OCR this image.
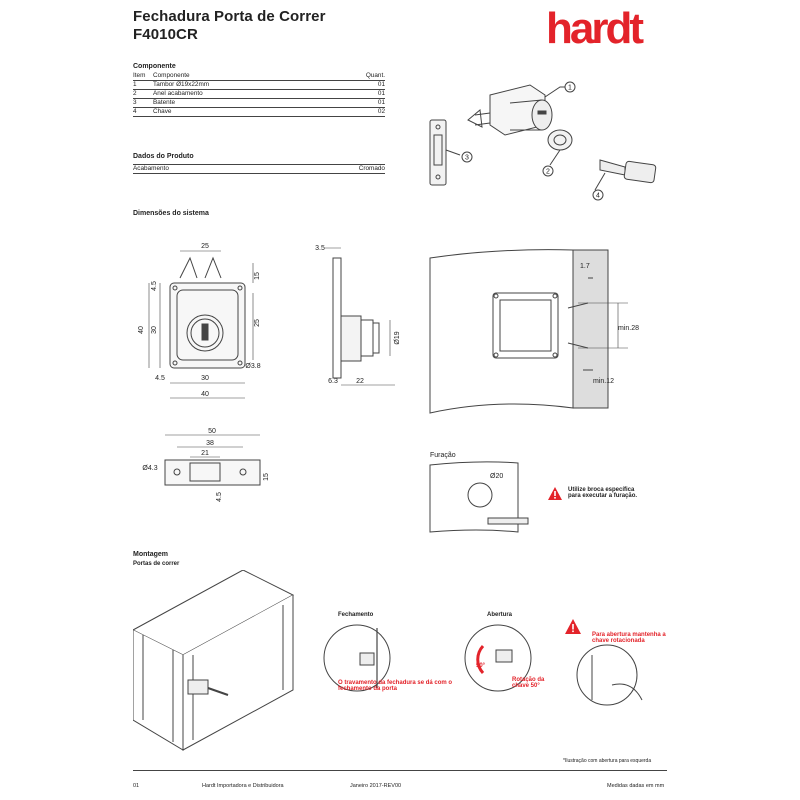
Fechadura Porta de Correr
F4010CR	hardt
Componente
Item	Componente	Quant.
1	Tambor Ø19x22mm	01
2	Anel acabamento	01
3	Batente	01
4	Chave	02
Dados do Produto
Acabamento	Cromado
Dimensões do sistema
1
2
3
4
25
15
25
4.5
30
40
Ø3.8
4.5	30
40
3.5
Ø19
6.3	22
1.7
min.28
min.12
50
38
21
Ø4.3
15
4.5
Furação
Ø20
Utilize broca específica para executar a furação.
Montagem
Portas de correr
Fechamento
O travamento da fechadura se dá com o fechamento da porta
Abertura
50°
Rotação da chave 50°
Para abertura mantenha a chave rotacionada
*Ilustração com abertura para esquerda
01	Hardt Importadora e Distribuidora	Janeiro 2017-REV00	Medidas dadas em mm
